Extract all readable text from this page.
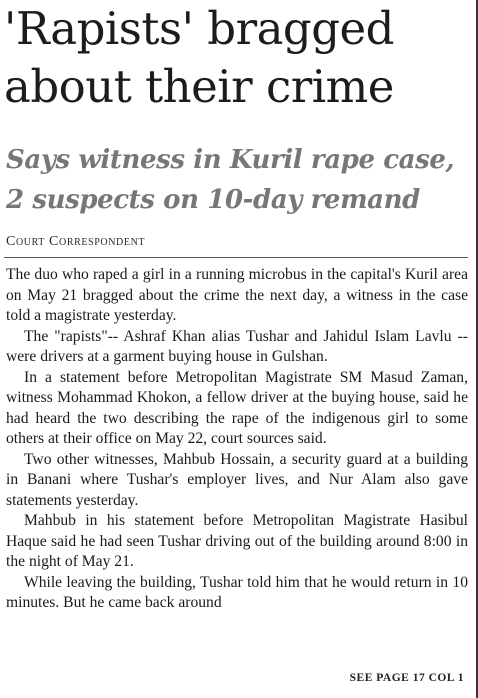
'Rapists' bragged about their crime
Says witness in Kuril rape case, 2 suspects on 10-day remand
Court Correspondent

The duo who raped a girl in a running microbus in the capital's Kuril area on May 21 bragged about the crime the next day, a witness in the case told a magistrate yesterday.

The "rapists"-- Ashraf Khan alias Tushar and Jahidul Islam Lavlu -- were drivers at a garment buying house in Gulshan.

In a statement before Metropolitan Magistrate SM Masud Zaman, witness Mohammad Khokon, a fellow driver at the buying house, said he had heard the two describing the rape of the indigenous girl to some others at their office on May 22, court sources said.

Two other witnesses, Mahbub Hossain, a security guard at a building in Banani where Tushar's employer lives, and Nur Alam also gave statements yesterday.

Mahbub in his statement before Metropolitan Magistrate Hasibul Haque said he had seen Tushar driving out of the building around 8:00 in the night of May 21.

While leaving the building, Tushar told him that he would return in 10 minutes. But he came back around

SEE PAGE 17 COL 1
